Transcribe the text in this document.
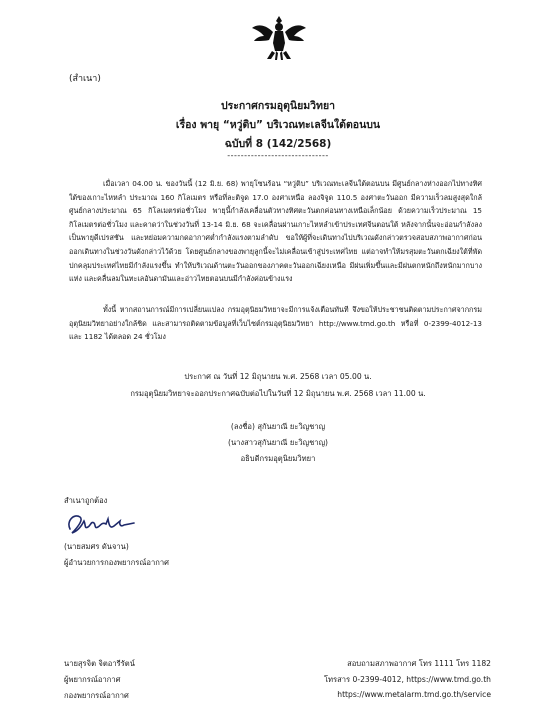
(สำเนา)
ประกาศกรมอุตุนิยมวิทยา
เรื่อง พายุ “หวู่ติบ” บริเวณทะเลจีนใต้ตอนบน
ฉบับที่ 8 (142/2568)
------------------------------
เมื่อเวลา 04.00 น. ของวันนี้ (12 มิ.ย. 68) พายุโซนร้อน “หวู่ติบ” บริเวณทะเลจีนใต้ตอนบน มีศูนย์กลางห่างออกไปทางทิศใต้ของเกาะไหหลำ ประมาณ 160 กิโลเมตร หรือที่ละติจูด 17.0 องศาเหนือ ลองจิจูด 110.5 องศาตะวันออก มีความเร็วลมสูงสุดใกล้ศูนย์กลางประมาณ 65 กิโลเมตรต่อชั่วโมง พายุนี้กำลังเคลื่อนตัวทางทิศตะวันตกค่อนทางเหนือเล็กน้อย ด้วยความเร็วประมาณ 15 กิโลเมตรต่อชั่วโมง และคาดว่าในช่วงวันที่ 13-14 มิ.ย. 68 จะเคลื่อนผ่านเกาะไหหลำเข้าประเทศจีนตอนใต้ หลังจากนั้นจะอ่อนกำลังลงเป็นพายุดีเปรสชัน และหย่อมความกดอากาศต่ำกำลังแรงตามลำดับ ขอให้ผู้ที่จะเดินทางไปบริเวณดังกล่าวตรวจสอบสภาพอากาศก่อนออกเดินทางในช่วงวันดังกล่าวไว้ด้วย โดยศูนย์กลางของพายุลูกนี้จะไม่เคลื่อนเข้าสู่ประเทศไทย แต่อาจทำให้มรสุมตะวันตกเฉียงใต้ที่พัดปกคลุมประเทศไทยมีกำลังแรงขึ้น ทำให้บริเวณด้านตะวันออกของภาคตะวันออกเฉียงเหนือ มีฝนเพิ่มขึ้นและมีฝนตกหนักถึงหนักมากบางแห่ง และคลื่นลมในทะเลอันดามันและอ่าวไทยตอนบนมีกำลังค่อนข้างแรง
ทั้งนี้ หากสถานการณ์มีการเปลี่ยนแปลง กรมอุตุนิยมวิทยาจะมีการแจ้งเตือนทันที จึงขอให้ประชาชนติดตามประกาศจากกรมอุตุนิยมวิทยาอย่างใกล้ชิด และสามารถติดตามข้อมูลที่เว็บไซต์กรมอุตุนิยมวิทยา http://www.tmd.go.th หรือที่ 0-2399-4012-13 และ 1182 ได้ตลอด 24 ชั่วโมง
ประกาศ ณ วันที่ 12 มิถุนายน พ.ศ. 2568 เวลา 05.00 น.
กรมอุตุนิยมวิทยาจะออกประกาศฉบับต่อไปในวันที่ 12 มิถุนายน พ.ศ. 2568 เวลา 11.00 น.
(ลงชื่อ) สุกันยาณี ยะวิญชาญ
(นางสาวสุกันยาณี ยะวิญชาญ)
อธิบดีกรมอุตุนิยมวิทยา
สำเนาถูกต้อง
(นายสมศร ดันจาน)
ผู้อำนวยการกองพยากรณ์อากาศ
นายสุรจิต จิตอารีรัตน์
ผู้พยากรณ์อากาศ
กองพยากรณ์อากาศ
สอบถามสภาพอากาศ โทร 1111 โทร 1182
โทรสาร 0-2399-4012, https://www.tmd.go.th
https://www.metalarm.tmd.go.th/service
